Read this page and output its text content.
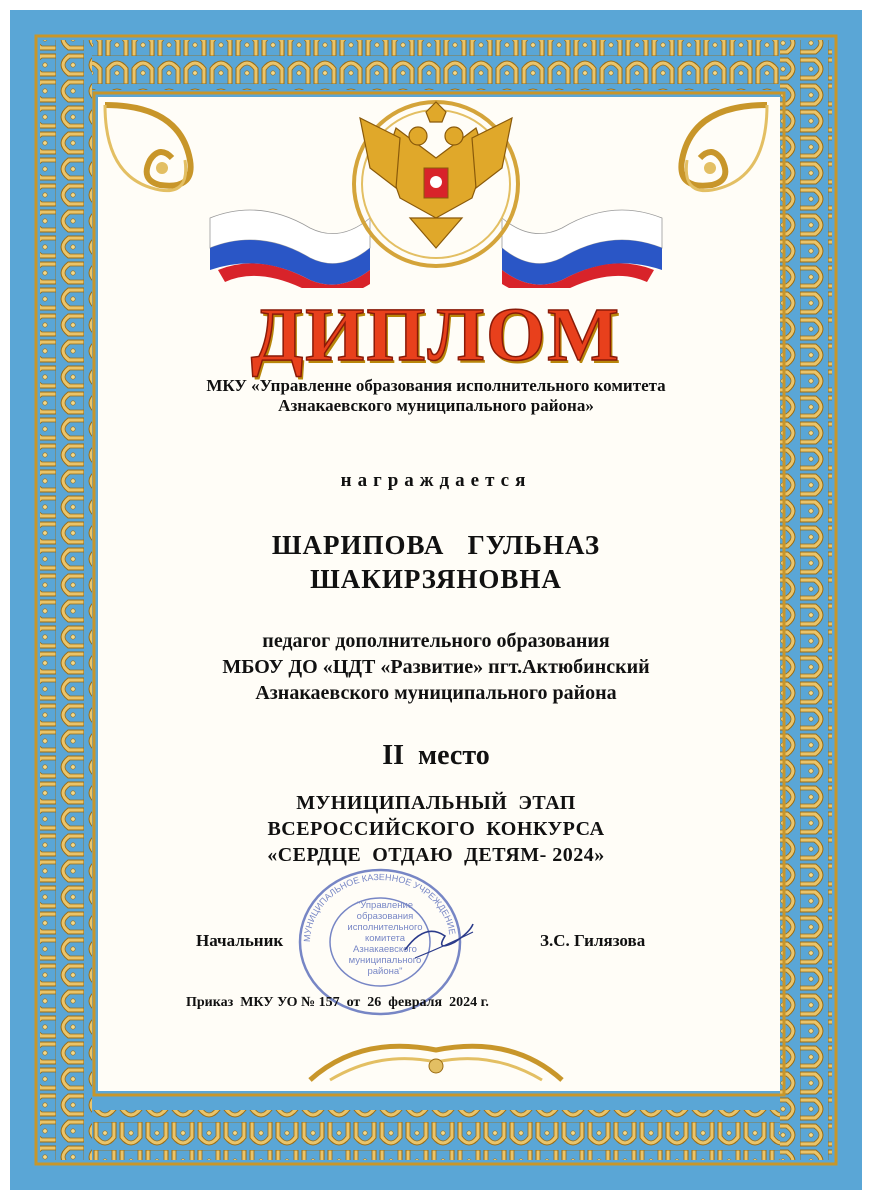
ДИПЛОМ
МКУ «Управленне образования исполнительного комитета
Азнакаевского муниципального района»
награждается
ШАРИПОВА   ГУЛЬНАЗ
ШАКИРЗЯНОВНА
педагог дополнительного образования
МБОУ ДО «ЦДТ «Развитие» пгт.Актюбинский
Азнакаевского муниципального района
II  место
МУНИЦИПАЛЬНЫЙ  ЭТАП
ВСЕРОССИЙСКОГО  КОНКУРСА
«СЕРДЦЕ  ОТДАЮ  ДЕТЯМ- 2024»
МУНИЦИПАЛЬНОЕ КАЗЕННОЕ УЧРЕЖДЕНИЕ
"Управление
образования
исполнительного
комитета
Азнакаевского
муниципального
района"
Начальник	З.С. Гилязова
Приказ  МКУ УО № 157  от  26  февраля  2024 г.
